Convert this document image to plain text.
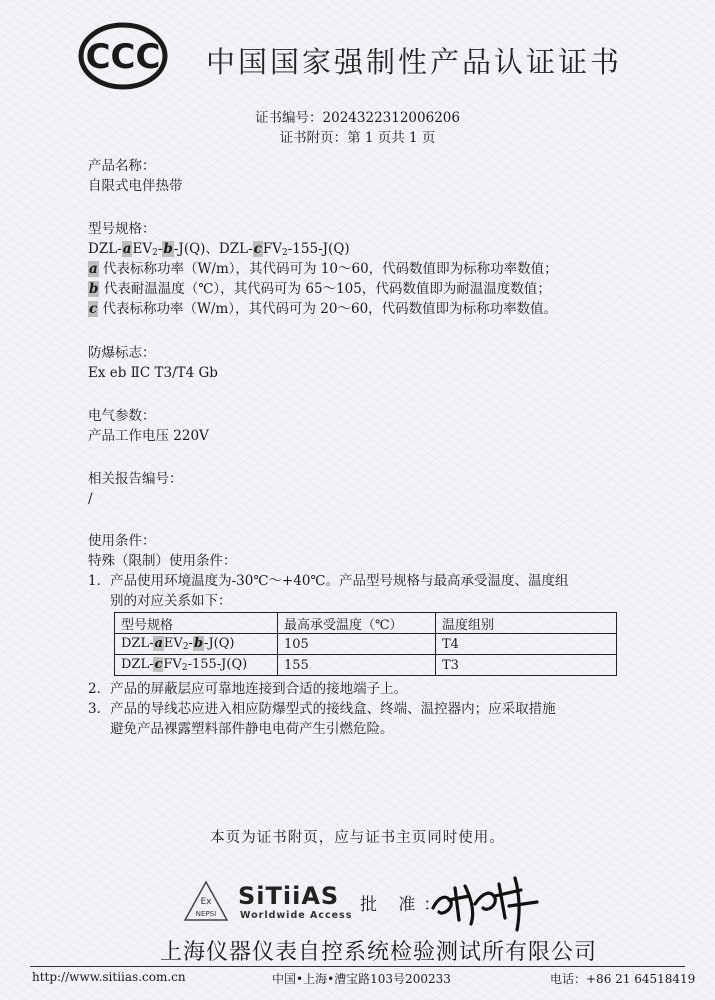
CCC 中国国家强制性产品认证证书
证书编号：2024322312006206
证书附页：第 1 页共 1 页
产品名称：
自限式电伴热带
型号规格：
DZL-aEV$_2$-b-J(Q)、DZL-cFV$_2$-155-J(Q)
a 代表标称功率（W/m），其代码可为 10～60，代码数值即为标称功率数值；
b 代表耐温温度（℃），其代码可为 65～105，代码数值即为耐温温度数值；
c 代表标称功率（W/m），其代码可为 20～60，代码数值即为标称功率数值。
防爆标志：
Ex eb ⅡC T3/T4 Gb
电气参数：
产品工作电压 220V
相关报告编号：
/
使用条件：
特殊（限制）使用条件：
1．产品使用环境温度为-30℃～+40℃。产品型号规格与最高承受温度、温度组
别的对应关系如下：
型号规格	最高承受温度（℃）	温度组别
DZL-aEV$_2$-b-J(Q)	105	T4
DZL-cFV$_2$-155-J(Q)	155	T3
2．产品的屏蔽层应可靠地连接到合适的接地端子上。
3．产品的导线芯应进入相应防爆型式的接线盒、终端、温控器内；应采取措施
避免产品裸露塑料部件静电电荷产生引燃危险。
本页为证书附页，应与证书主页同时使用。
Ex
NEPSI
SiTiiAS
Worldwide Access
批 准：
上海仪器仪表自控系统检验测试所有限公司
http://www.sitiias.com.cn	中国•上海•漕宝路103号200233	电话：+86 21 64518419
